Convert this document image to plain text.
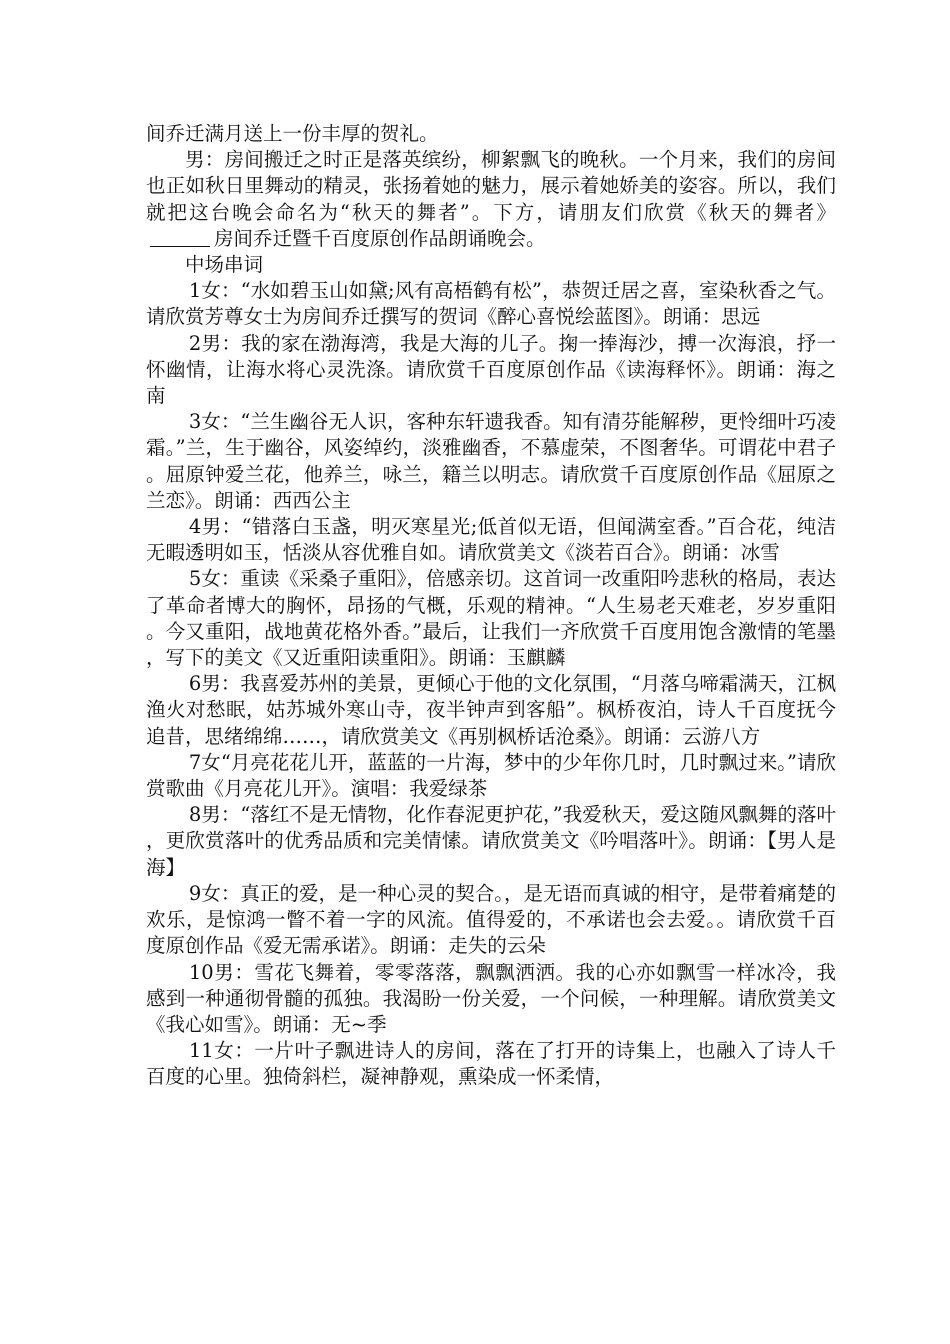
间乔迁满月送上一份丰厚的贺礼。

男：房间搬迁之时正是落英缤纷，柳絮飘飞的晚秋。一个月来，我们的房间也正如秋日里舞动的精灵，张扬着她的魅力，展示着她娇美的姿容。所以，我们就把这台晚会命名为“秋天的舞者”。下方，请朋友们欣赏《秋天的舞者》房间乔迁暨千百度原创作品朗诵晚会。

中场串词

1女：“水如碧玉山如黛;风有高梧鹤有松”，恭贺迁居之喜，室染秋香之气。请欣赏芳尊女士为房间乔迁撰写的贺词《醉心喜悦绘蓝图》。朗诵：思远

2男：我的家在渤海湾，我是大海的儿子。掬一捧海沙，搏一次海浪，抒一怀幽情，让海水将心灵洗涤。请欣赏千百度原创作品《读海释怀》。朗诵：海之南

3女：“兰生幽谷无人识，客种东轩遗我香。知有清芬能解秽，更怜细叶巧凌霜。”兰，生于幽谷，风姿绰约，淡雅幽香，不慕虚荣，不图奢华。可谓花中君子。屈原钟爱兰花，他养兰，咏兰，籍兰以明志。请欣赏千百度原创作品《屈原之兰恋》。朗诵：西西公主

4男：“错落白玉盏，明灭寒星光;低首似无语，但闻满室香。”百合花，纯洁无暇透明如玉，恬淡从容优雅自如。请欣赏美文《淡若百合》。朗诵：冰雪

5女：重读《采桑子重阳》，倍感亲切。这首词一改重阳吟悲秋的格局，表达了革命者博大的胸怀，昂扬的气概，乐观的精神。“人生易老天难老，岁岁重阳。今又重阳，战地黄花格外香。”最后，让我们一齐欣赏千百度用饱含激情的笔墨，写下的美文《又近重阳读重阳》。朗诵：玉麒麟

6男：我喜爱苏州的美景，更倾心于他的文化氛围，“月落乌啼霜满天，江枫渔火对愁眠，姑苏城外寒山寺，夜半钟声到客船”。枫桥夜泊，诗人千百度抚今追昔，思绪绵绵……，请欣赏美文《再别枫桥话沧桑》。朗诵：云游八方

7女“月亮花花儿开，蓝蓝的一片海，梦中的少年你几时，几时飘过来。”请欣赏歌曲《月亮花儿开》。演唱：我爱绿茶

8男：“落红不是无情物，化作春泥更护花，”我爱秋天，爱这随风飘舞的落叶，更欣赏落叶的优秀品质和完美情愫。请欣赏美文《吟唱落叶》。朗诵：【男人是海】

9女：真正的爱，是一种心灵的契合。，是无语而真诚的相守，是带着痛楚的欢乐，是惊鸿一瞥不着一字的风流。值得爱的，不承诺也会去爱。。请欣赏千百度原创作品《爱无需承诺》。朗诵：走失的云朵

10男：雪花飞舞着，零零落落，飘飘洒洒。我的心亦如飘雪一样冰冷，我感到一种通彻骨髓的孤独。我渴盼一份关爱，一个问候，一种理解。请欣赏美文《我心如雪》。朗诵：无~季

11女：一片叶子飘进诗人的房间，落在了打开的诗集上，也融入了诗人千百度的心里。独倚斜栏，凝神静观，熏染成一怀柔情，
